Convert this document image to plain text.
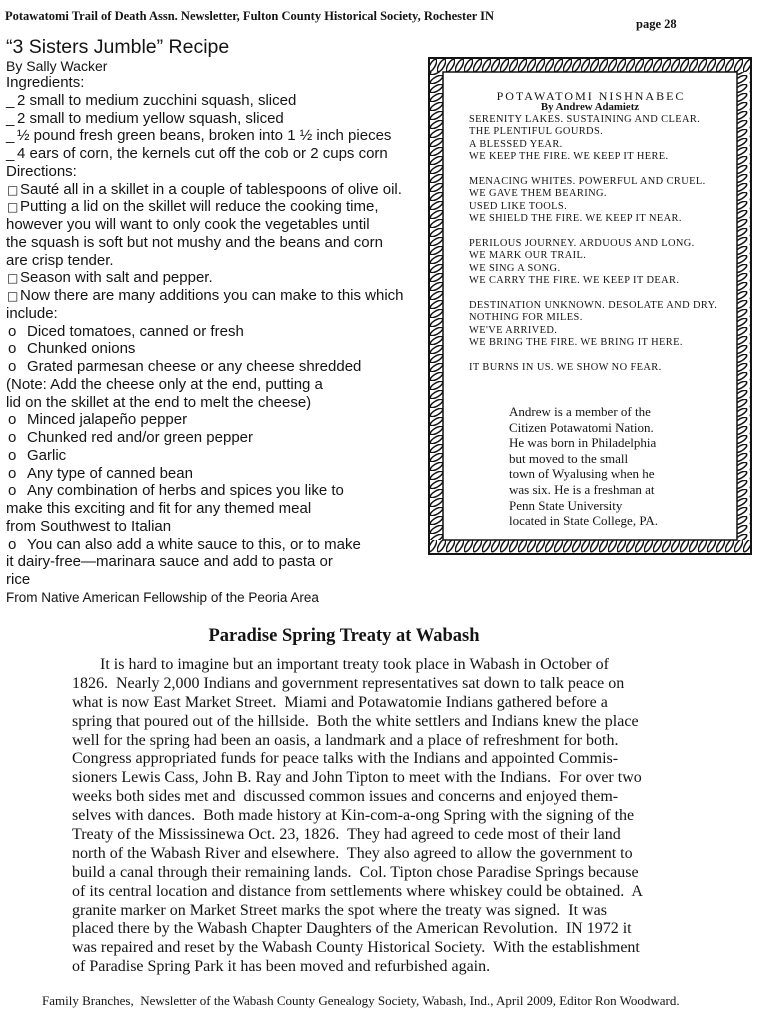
Potawatomi Trail of Death Assn. Newsletter, Fulton County Historical Society, Rochester IN
page 28
“3 Sisters Jumble” Recipe
By Sally Wacker
Ingredients:
_ 2 small to medium zucchini squash, sliced
_ 2 small to medium yellow squash, sliced
_ ½ pound fresh green beans, broken into 1 ½ inch pieces
_ 4 ears of corn, the kernels cut off the cob or 2 cups corn
Directions:
□ Sauté all in a skillet in a couple of tablespoons of olive oil.
□ Putting a lid on the skillet will reduce the cooking time,
however you will want to only cook the vegetables until
the squash is soft but not mushy and the beans and corn
are crisp tender.
□ Season with salt and pepper.
□ Now there are many additions you can make to this which
include:
o Diced tomatoes, canned or fresh
o Chunked onions
o Grated parmesan cheese or any cheese shredded
(Note: Add the cheese only at the end, putting a
lid on the skillet at the end to melt the cheese)
o Minced jalapeño pepper
o Chunked red and/or green pepper
o Garlic
o Any type of canned bean
o Any combination of herbs and spices you like to
make this exciting and fit for any themed meal
from Southwest to Italian
o You can also add a white sauce to this, or to make
it dairy-free—marinara sauce and add to pasta or
rice
From Native American Fellowship of the Peoria Area
POTAWATOMI NISHNABEC
By Andrew Adamietz
SERENITY LAKES. SUSTAINING AND CLEAR.
THE PLENTIFUL GOURDS.
A BLESSED YEAR.
WE KEEP THE FIRE. WE KEEP IT HERE.
MENACING WHITES. POWERFUL AND CRUEL.
WE GAVE THEM BEARING.
USED LIKE TOOLS.
WE SHIELD THE FIRE. WE KEEP IT NEAR.
PERILOUS JOURNEY. ARDUOUS AND LONG.
WE MARK OUR TRAIL.
WE SING A SONG.
WE CARRY THE FIRE. WE KEEP IT DEAR.
DESTINATION UNKNOWN. DESOLATE AND DRY.
NOTHING FOR MILES.
WE'VE ARRIVED.
WE BRING THE FIRE. WE BRING IT HERE.
IT BURNS IN US. WE SHOW NO FEAR.
Andrew is a member of the
Citizen Potawatomi Nation.
He was born in Philadelphia
but moved to the small
town of Wyalusing when he
was six. He is a freshman at
Penn State University
located in State College, PA.
Paradise Spring Treaty at Wabash
It is hard to imagine but an important treaty took place in Wabash in October of
1826.  Nearly 2,000 Indians and government representatives sat down to talk peace on
what is now East Market Street.  Miami and Potawatomie Indians gathered before a
spring that poured out of the hillside.  Both the white settlers and Indians knew the place
well for the spring had been an oasis, a landmark and a place of refreshment for both.
Congress appropriated funds for peace talks with the Indians and appointed Commis-
sioners Lewis Cass, John B. Ray and John Tipton to meet with the Indians.  For over two
weeks both sides met and  discussed common issues and concerns and enjoyed them-
selves with dances.  Both made history at Kin-com-a-ong Spring with the signing of the
Treaty of the Mississinewa Oct. 23, 1826.  They had agreed to cede most of their land
north of the Wabash River and elsewhere.  They also agreed to allow the government to
build a canal through their remaining lands.  Col. Tipton chose Paradise Springs because
of its central location and distance from settlements where whiskey could be obtained.  A
granite marker on Market Street marks the spot where the treaty was signed.  It was
placed there by the Wabash Chapter Daughters of the American Revolution.  IN 1972 it
was repaired and reset by the Wabash County Historical Society.  With the establishment
of Paradise Spring Park it has been moved and refurbished again.
Family Branches,  Newsletter of the Wabash County Genealogy Society, Wabash, Ind., April 2009, Editor Ron Woodward.
